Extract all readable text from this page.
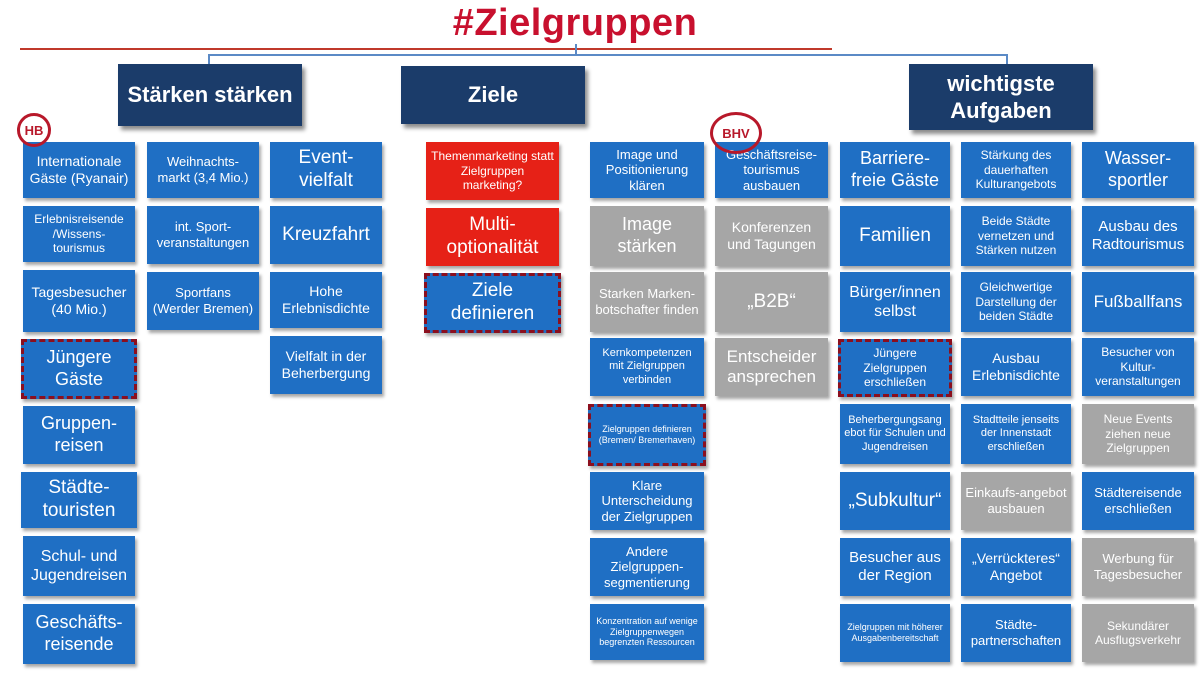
#Zielgruppen
Stärken stärken	Ziele	wichtigste Aufgaben
Internationale Gäste (Ryanair)
Erlebnisreisende /Wissens-tourismus
Tagesbesucher (40 Mio.)
Jüngere Gäste
Gruppen-reisen
Städte-touristen
Schul- und Jugendreisen
Geschäfts-reisende
Weihnachts-markt (3,4 Mio.)
int. Sport-veranstaltungen
Sportfans (Werder Bremen)
Event-vielfalt
Kreuzfahrt
Hohe Erlebnisdichte
Vielfalt in der Beherbergung
Themenmarketing statt Zielgruppen marketing?
Multi-optionalität
Ziele definieren
Image und Positionierung klären
Image stärken
Starken Marken-botschafter finden
Kernkompetenzen mit Zielgruppen verbinden
Zielgruppen definieren (Bremen/ Bremerhaven)
Klare Unterscheidung der Zielgruppen
Andere Zielgruppen-segmentierung
Konzentration auf wenige Zielgruppenwegen begrenzten Ressourcen
Geschäftsreise-tourismus ausbauen
Konferenzen und Tagungen
„B2B“
Entscheider ansprechen
Barriere-freie Gäste
Familien
Bürger/innen selbst
Jüngere Zielgruppen erschließen
Beherbergungsang ebot für Schulen und Jugendreisen
„Subkultur“
Besucher aus der Region
Zielgruppen mit höherer Ausgabenbereitschaft
Stärkung des dauerhaften Kulturangebots
Beide Städte vernetzen und Stärken nutzen
Gleichwertige Darstellung der beiden Städte
Ausbau Erlebnisdichte
Stadtteile jenseits der Innenstadt erschließen
Einkaufs-angebot ausbauen
„Verrückteres“ Angebot
Städte-partnerschaften
Wasser-sportler
Ausbau des Radtourismus
Fußballfans
Besucher von Kultur-veranstaltungen
Neue Events ziehen neue Zielgruppen
Städtereisende erschließen
Werbung für Tagesbesucher
Sekundärer Ausflugsverkehr
HB	BHV
